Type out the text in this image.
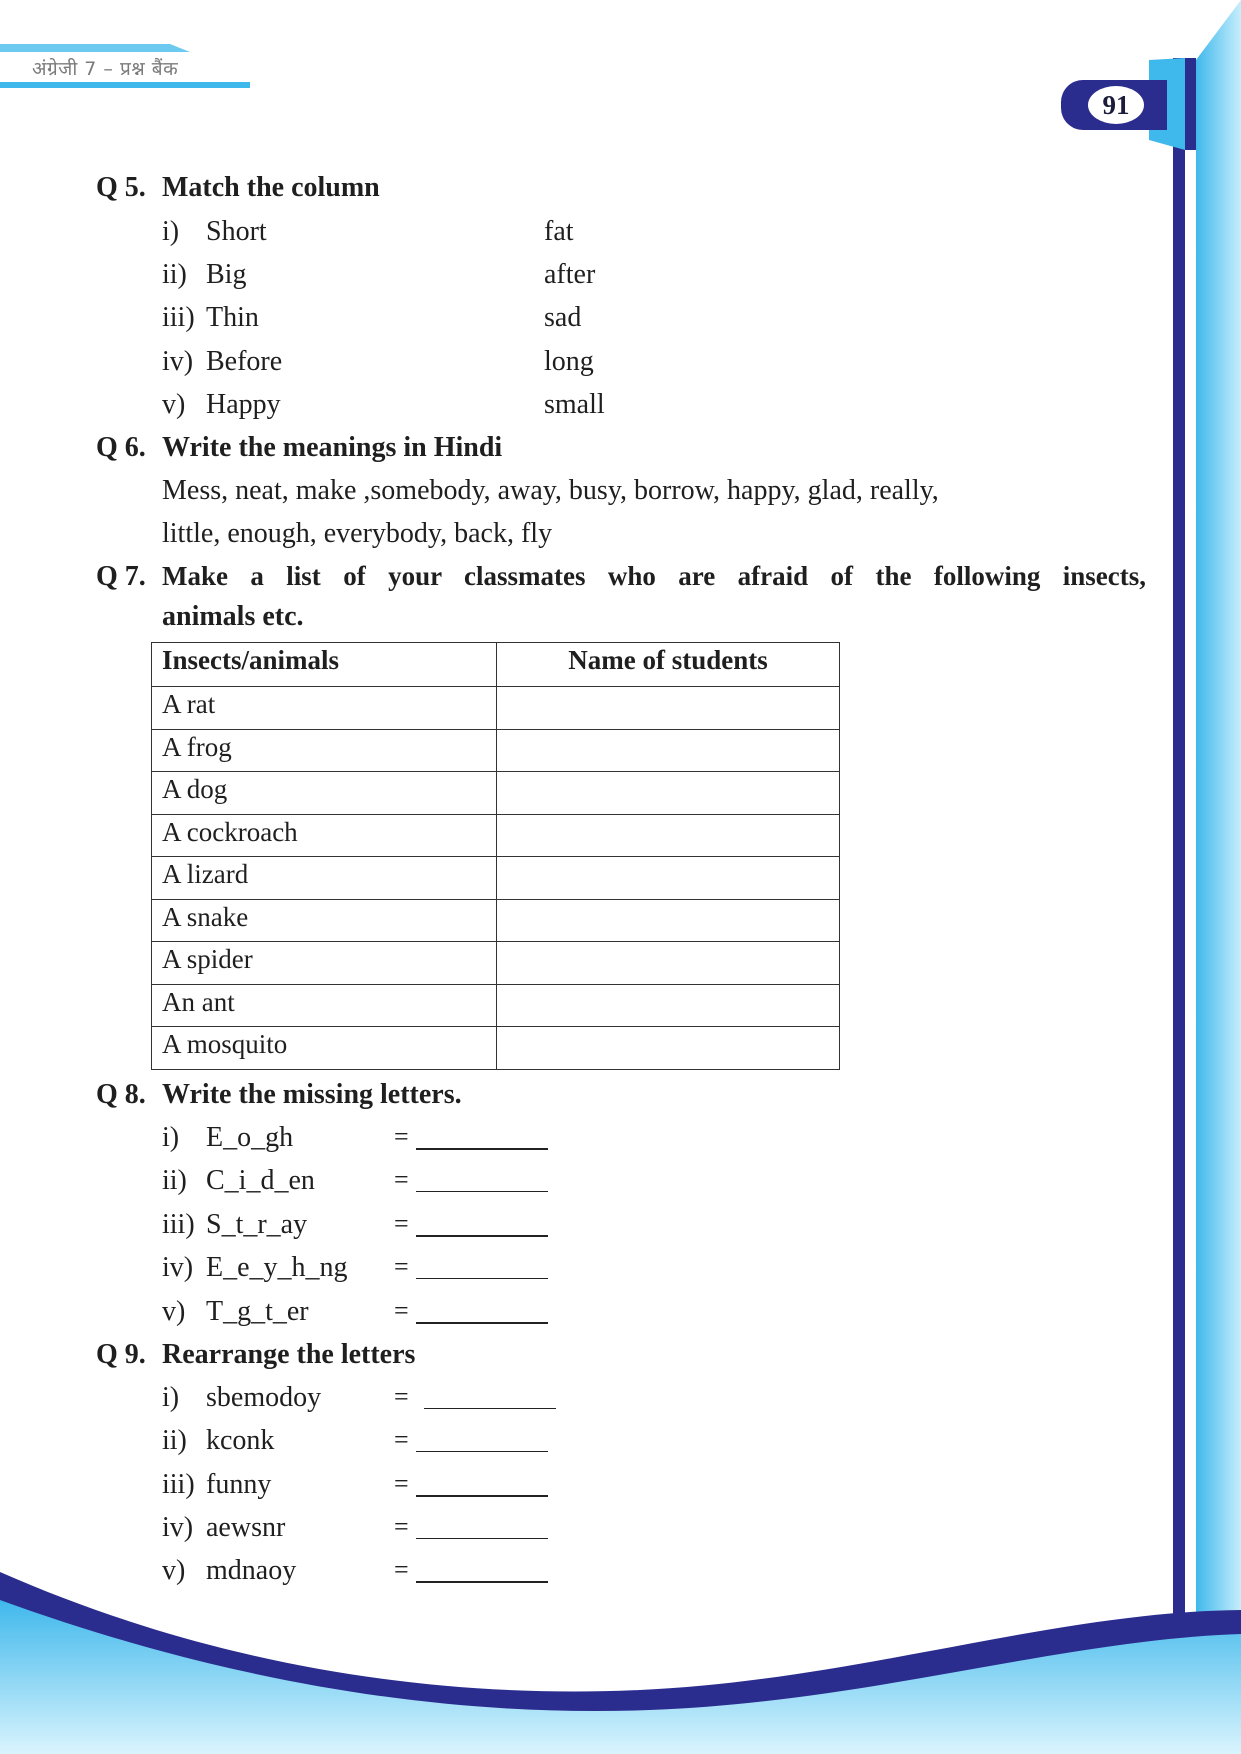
अंग्रेजी 7 – प्रश्न बैंक
91
Q 5. Match the column
i) Short	fat
ii) Big	after
iii) Thin	sad
iv) Before	long
v) Happy	small
Q 6. Write the meanings in Hindi
Mess, neat, make ,somebody, away, busy, borrow, happy, glad, really,
little, enough, everybody, back, fly
Q 7. Make a list of your classmates who are afraid of the following insects,
animals etc.
Insects/animals	Name of students
A rat	
A frog	
A dog	
A cockroach	
A lizard	
A snake	
A spider	
An ant	
A mosquito	
Q 8. Write the missing letters.
i) E_o_gh	=
ii) C_i_d_en	=
iii) S_t_r_ay	=
iv) E_e_y_h_ng =
v) T_g_t_er	=
Q 9. Rearrange the letters
i) sbemodoy	=
ii) kconk	=
iii) funny	=
iv) aewsnr	=
v) mdnaoy	=
